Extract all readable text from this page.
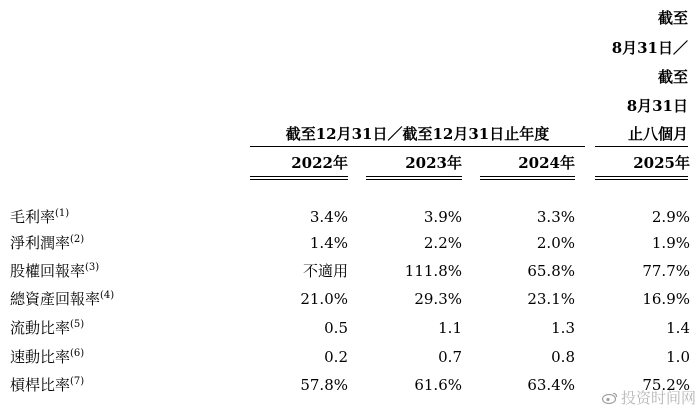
截至
8月31日／
截至
8月31日
止八個月
截至12月31日／截至12月31日止年度
2022年	2023年	2024年	2025年
毛利率$^{(1)}$	3.4%	3.9%	3.3%	2.9%
淨利潤率$^{(2)}$	1.4%	2.2%	2.0%	1.9%
股權回報率$^{(3)}$	不適用	111.8%	65.8%	77.7%
總資產回報率$^{(4)}$	21.0%	29.3%	23.1%	16.9%
流動比率$^{(5)}$	0.5	1.1	1.3	1.4
速動比率$^{(6)}$	0.2	0.7	0.8	1.0
槓桿比率$^{(7)}$	57.8%	61.6%	63.4%	75.2%
投资时间网
